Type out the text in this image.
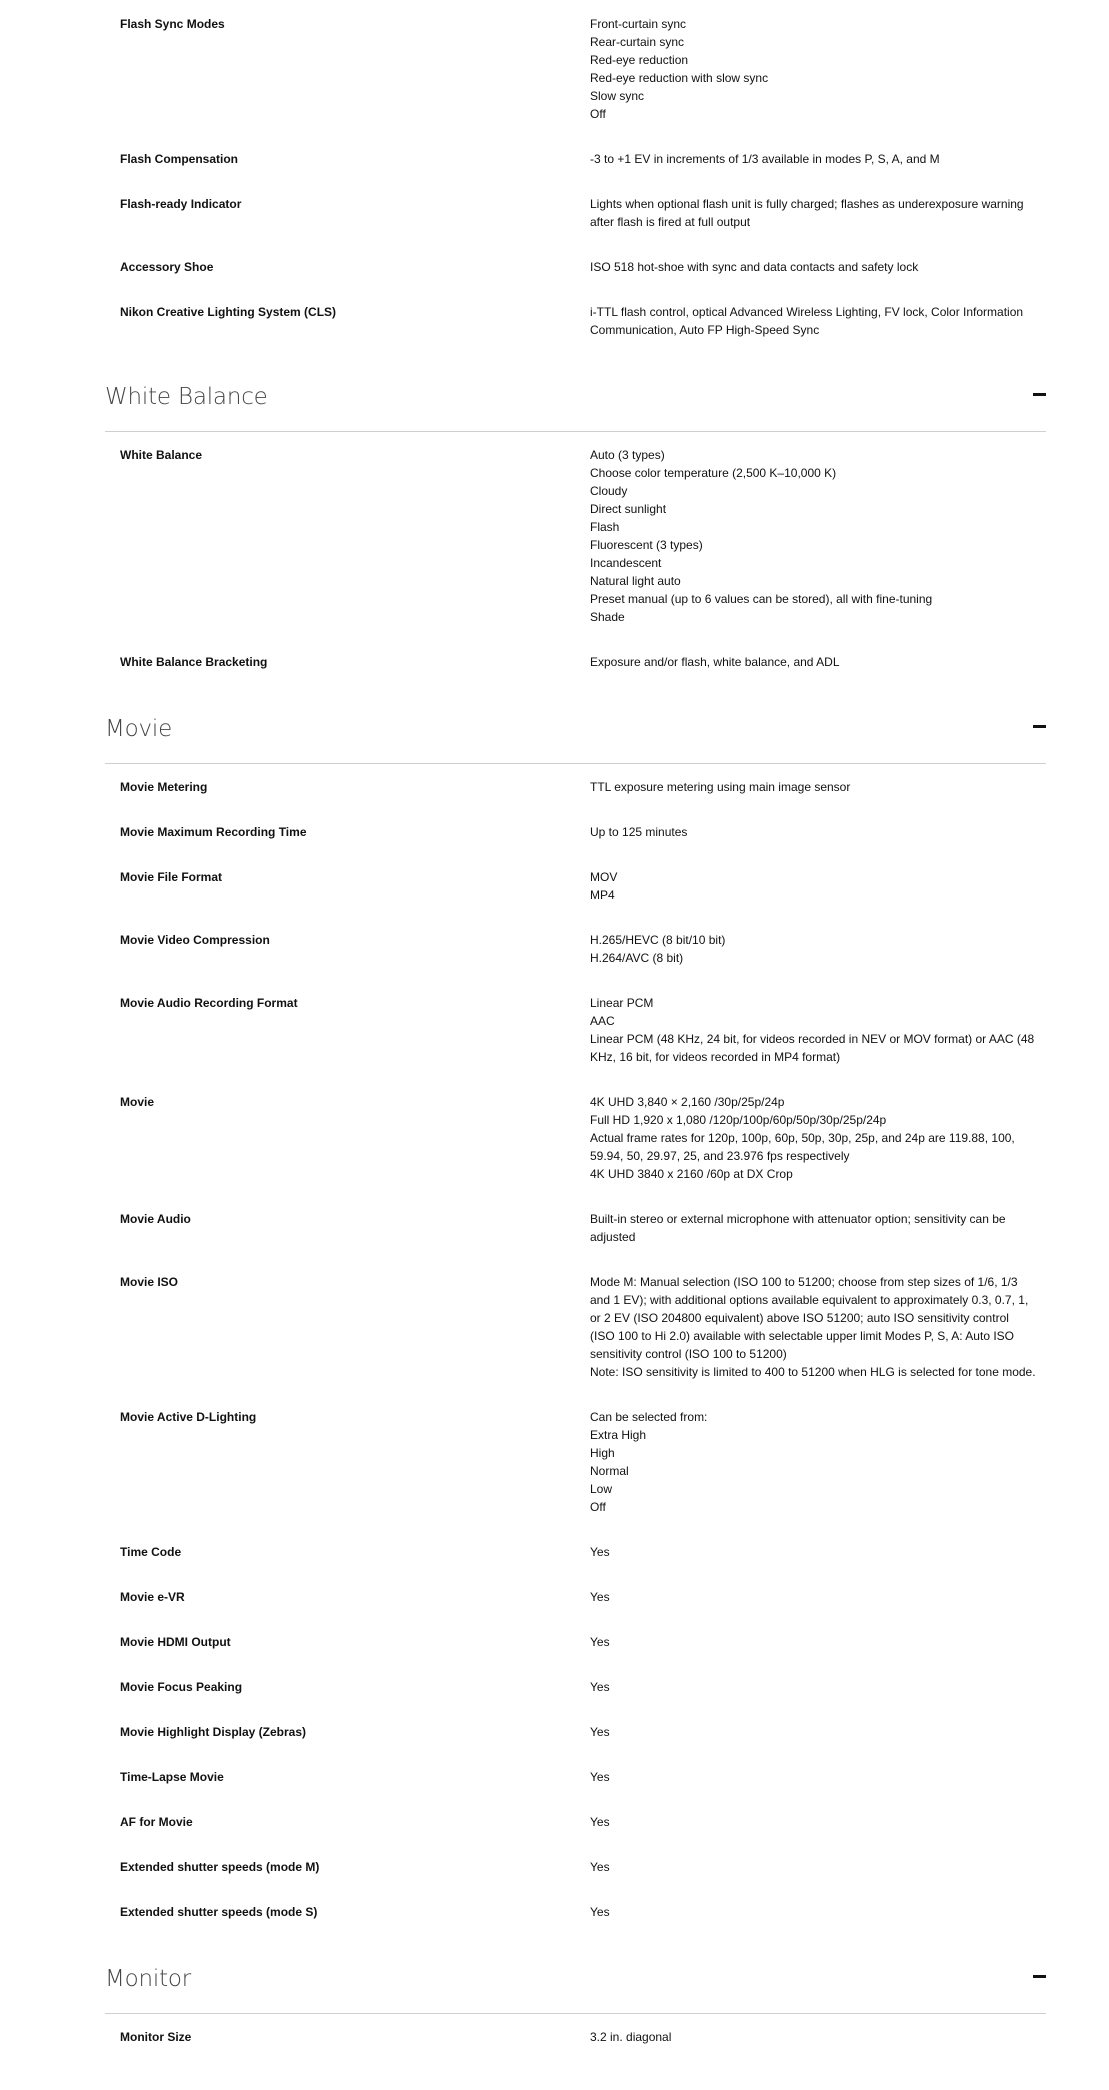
Flash Sync Modes	Front-curtain sync
Rear-curtain sync
Red-eye reduction
Red-eye reduction with slow sync
Slow sync
Off
Flash Compensation	-3 to +1 EV in increments of 1/3 available in modes P, S, A, and M
Flash-ready Indicator	Lights when optional flash unit is fully charged; flashes as underexposure warning after flash is fired at full output
Accessory Shoe	ISO 518 hot-shoe with sync and data contacts and safety lock
Nikon Creative Lighting System (CLS)	i-TTL flash control, optical Advanced Wireless Lighting, FV lock, Color Information Communication, Auto FP High-Speed Sync
White Balance
White Balance	Auto (3 types)
Choose color temperature (2,500 K–10,000 K)
Cloudy
Direct sunlight
Flash
Fluorescent (3 types)
Incandescent
Natural light auto
Preset manual (up to 6 values can be stored), all with fine-tuning
Shade
White Balance Bracketing	Exposure and/or flash, white balance, and ADL
Movie
Movie Metering	TTL exposure metering using main image sensor
Movie Maximum Recording Time	Up to 125 minutes
Movie File Format	MOV
MP4
Movie Video Compression	H.265/HEVC (8 bit/10 bit)
H.264/AVC (8 bit)
Movie Audio Recording Format	Linear PCM
AAC
Linear PCM (48 KHz, 24 bit, for videos recorded in NEV or MOV format) or AAC (48 KHz, 16 bit, for videos recorded in MP4 format)
Movie	4K UHD 3,840 × 2,160 /30p/25p/24p
Full HD 1,920 x 1,080 /120p/100p/60p/50p/30p/25p/24p
Actual frame rates for 120p, 100p, 60p, 50p, 30p, 25p, and 24p are 119.88, 100, 59.94, 50, 29.97, 25, and 23.976 fps respectively
4K UHD 3840 x 2160 /60p at DX Crop
Movie Audio	Built-in stereo or external microphone with attenuator option; sensitivity can be adjusted
Movie ISO	Mode M: Manual selection (ISO 100 to 51200; choose from step sizes of 1/6, 1/3 and 1 EV); with additional options available equivalent to approximately 0.3, 0.7, 1, or 2 EV (ISO 204800 equivalent) above ISO 51200; auto ISO sensitivity control (ISO 100 to Hi 2.0) available with selectable upper limit Modes P, S, A: Auto ISO sensitivity control (ISO 100 to 51200)
Note: ISO sensitivity is limited to 400 to 51200 when HLG is selected for tone mode.
Movie Active D-Lighting	Can be selected from:
Extra High
High
Normal
Low
Off
Time Code	Yes
Movie e-VR	Yes
Movie HDMI Output	Yes
Movie Focus Peaking	Yes
Movie Highlight Display (Zebras)	Yes
Time-Lapse Movie	Yes
AF for Movie	Yes
Extended shutter speeds (mode M)	Yes
Extended shutter speeds (mode S)	Yes
Monitor
Monitor Size	3.2 in. diagonal
